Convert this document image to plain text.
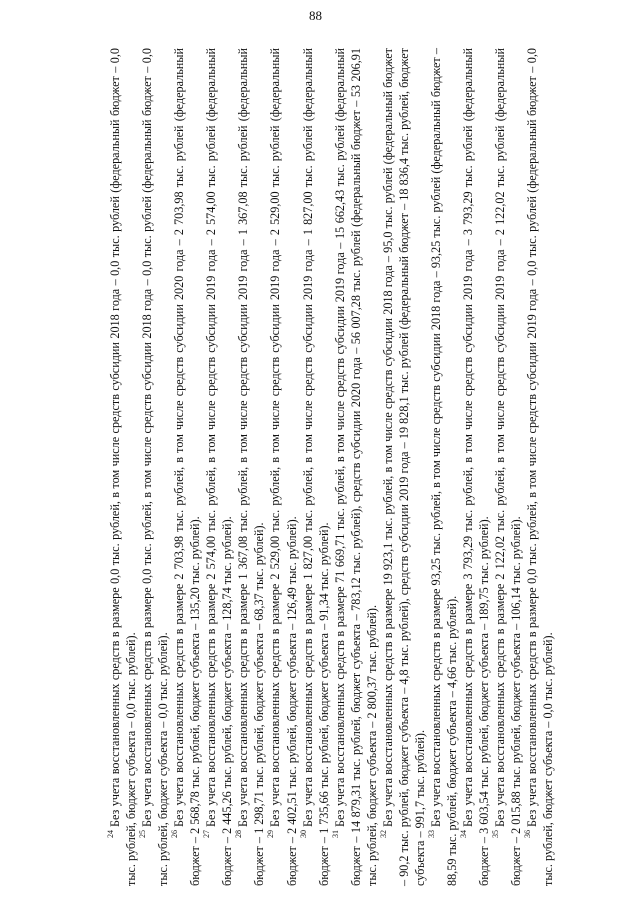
88
$^{24}$Без учета восстановленных средств в размере 0,0 тыс. рублей, в том числе средств субсидии 2018 года – 0,0 тыс. рублей (федеральный бюджет – 0,0 тыс. рублей, бюджет субъекта – 0,0 тыс. рублей). $^{25}$Без учета восстановленных средств в размере 0,0 тыс. рублей, в том числе средств субсидии 2018 года – 0,0 тыс. рублей (федеральный бюджет – 0,0 тыс. рублей, бюджет субъекта – 0,0 тыс. рублей). $^{26}$Без учета восстановленных средств в размере 2 703,98 тыс. рублей, в том числе средств субсидии 2020 года – 2 703,98 тыс. рублей (федеральный бюджет – 2 568,78 тыс. рублей, бюджет субъекта – 135,20 тыс. рублей). $^{27}$Без учета восстановленных средств в размере 2 574,00 тыс. рублей, в том числе средств субсидии 2019 года – 2 574,00 тыс. рублей (федеральный бюджет – 2 445,26 тыс. рублей, бюджет субъекта – 128,74 тыс. рублей). $^{28}$Без учета восстановленных средств в размере 1 367,08 тыс. рублей, в том числе средств субсидии 2019 года – 1 367,08 тыс. рублей (федеральный бюджет – 1 298,71 тыс. рублей, бюджет субъекта – 68,37 тыс. рублей). $^{29}$Без учета восстановленных средств в размере 2 529,00 тыс. рублей, в том числе средств субсидии 2019 года – 2 529,00 тыс. рублей (федеральный бюджет – 2 402,51 тыс. рублей, бюджет субъекта – 126,49 тыс. рублей). $^{30}$Без учета восстановленных средств в размере 1 827,00 тыс. рублей, в том числе средств субсидии 2019 года – 1 827,00 тыс. рублей (федеральный бюджет – 1 735,66 тыс. рублей, бюджет субъекта – 91,34 тыс. рублей). $^{31}$Без учета восстановленных средств в размере 71 669,71 тыс. рублей, в том числе средств субсидии 2019 года – 15 662,43 тыс. рублей (федеральный бюджет – 14 879,31 тыс. рублей, бюджет субъекта – 783,12 тыс. рублей), средств субсидии 2020 года – 56 007,28 тыс. рублей (федеральный бюджет – 53 206,91 тыс. рублей, бюджет субъекта – 2 800,37 тыс. рублей). $^{32}$Без учета восстановленных средств в размере 19 923,1 тыс. рублей, в том числе средств субсидии 2018 года – 95,0 тыс. рублей (федеральный бюджет – 90,2 тыс. рублей, бюджет субъекта – 4,8 тыс. рублей), средств субсидии 2019 года – 19 828,1 тыс. рублей (федеральный бюджет – 18 836,4 тыс. рублей, бюджет субъекта – 991,7 тыс. рублей). $^{33}$Без учета восстановленных средств в размере 93,25 тыс. рублей, в том числе средств субсидии 2018 года – 93,25 тыс. рублей (федеральный бюджет – 88,59 тыс. рублей, бюджет субъекта – 4,66 тыс. рублей). $^{34}$Без учета восстановленных средств в размере 3 793,29 тыс. рублей, в том числе средств субсидии 2019 года – 3 793,29 тыс. рублей (федеральный бюджет – 3 603,54 тыс. рублей, бюджет субъекта – 189,75 тыс. рублей). $^{35}$Без учета восстановленных средств в размере 2 122,02 тыс. рублей, в том числе средств субсидии 2019 года – 2 122,02 тыс. рублей (федеральный бюджет – 2 015,88 тыс. рублей, бюджет субъекта – 106,14 тыс. рублей). $^{36}$Без учета восстановленных средств в размере 0,0 тыс. рублей, в том числе средств субсидии 2019 года – 0,0 тыс. рублей (федеральный бюджет – 0,0 тыс. рублей, бюджет субъекта – 0,0 тыс. рублей).
